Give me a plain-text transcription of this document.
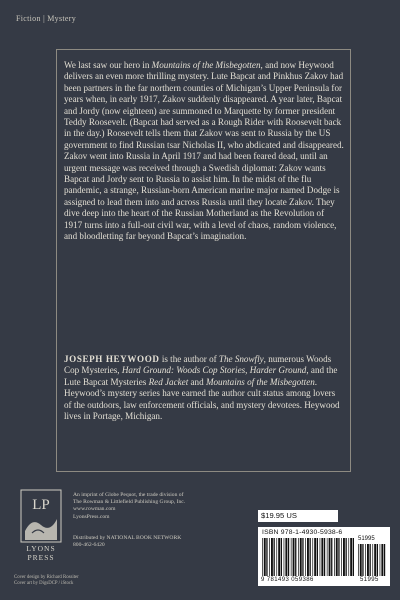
Fiction | Mystery
We last saw our hero in Mountains of the Misbegotten, and now Heywood delivers an even more thrilling mystery. Lute Bapcat and Pinkhus Zakov had been partners in the far northern counties of Michigan’s Upper Peninsula for years when, in early 1917, Zakov suddenly disappeared. A year later, Bapcat and Jordy (now eighteen) are summoned to Marquette by former president Teddy Roosevelt. (Bapcat had served as a Rough Rider with Roosevelt back in the day.) Roosevelt tells them that Zakov was sent to Russia by the US government to find Russian tsar Nicholas II, who abdicated and disappeared. Zakov went into Russia in April 1917 and had been feared dead, until an urgent message was received through a Swedish diplomat: Zakov wants Bapcat and Jordy sent to Russia to assist him. In the midst of the flu pandemic, a strange, Russian-born American marine major named Dodge is assigned to lead them into and across Russia until they locate Zakov. They dive deep into the heart of the Russian Motherland as the Revolution of 1917 turns into a full-out civil war, with a level of chaos, random violence, and bloodletting far beyond Bapcat’s imagination.
JOSEPH HEYWOOD is the author of The Snowfly, numerous Woods Cop Mysteries, Hard Ground: Woods Cop Stories, Harder Ground, and the Lute Bapcat Mysteries Red Jacket and Mountains of the Misbegotten. Heywood’s mystery series have earned the author cult status among lovers of the outdoors, law enforcement officials, and mystery devotees. Heywood lives in Portage, Michigan.
LP
LYONS
PRESS
An imprint of Globe Pequot, the trade division of
The Rowman & Littlefield Publishing Group, Inc.
www.rowman.com
LyonsPress.com
Distributed by NATIONAL BOOK NETWORK
800-462-6420
Cover design by Richard Rossiter
Cover art by DigsDCP / iStock
$19.95 US
ISBN 978-1-4930-5938-6
51995
9 781493 059386	51995
